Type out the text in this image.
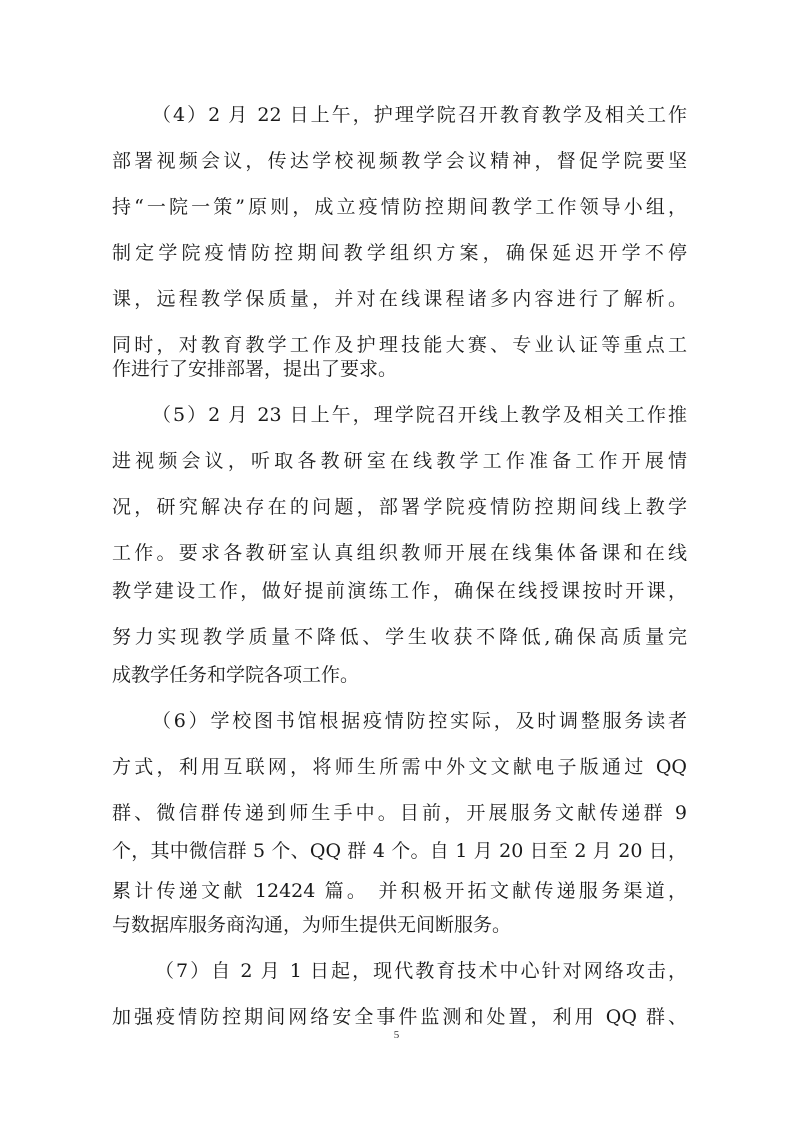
（4）2 月 22 日上午，护理学院召开教育教学及相关工作
部署视频会议，传达学校视频教学会议精神，督促学院要坚
持“一院一策”原则，成立疫情防控期间教学工作领导小组，
制定学院疫情防控期间教学组织方案，确保延迟开学不停
课，远程教学保质量，并对在线课程诸多内容进行了解析。
同时，对教育教学工作及护理技能大赛、专业认证等重点工
作进行了安排部署，提出了要求。
（5）2 月 23 日上午，理学院召开线上教学及相关工作推
进视频会议，听取各教研室在线教学工作准备工作开展情
况，研究解决存在的问题，部署学院疫情防控期间线上教学
工作。要求各教研室认真组织教师开展在线集体备课和在线
教学建设工作，做好提前演练工作，确保在线授课按时开课，
努力实现教学质量不降低、学生收获不降低,确保高质量完
成教学任务和学院各项工作。
（6）学校图书馆根据疫情防控实际，及时调整服务读者
方式，利用互联网，将师生所需中外文文献电子版通过 QQ
群、微信群传递到师生手中。目前，开展服务文献传递群 9
个，其中微信群 5 个、QQ 群 4 个。自 1 月 20 日至 2 月 20 日，
累计传递文献 12424 篇。 并积极开拓文献传递服务渠道，
与数据库服务商沟通，为师生提供无间断服务。
（7）自 2 月 1 日起，现代教育技术中心针对网络攻击，
加强疫情防控期间网络安全事件监测和处置，利用 QQ 群、
5
